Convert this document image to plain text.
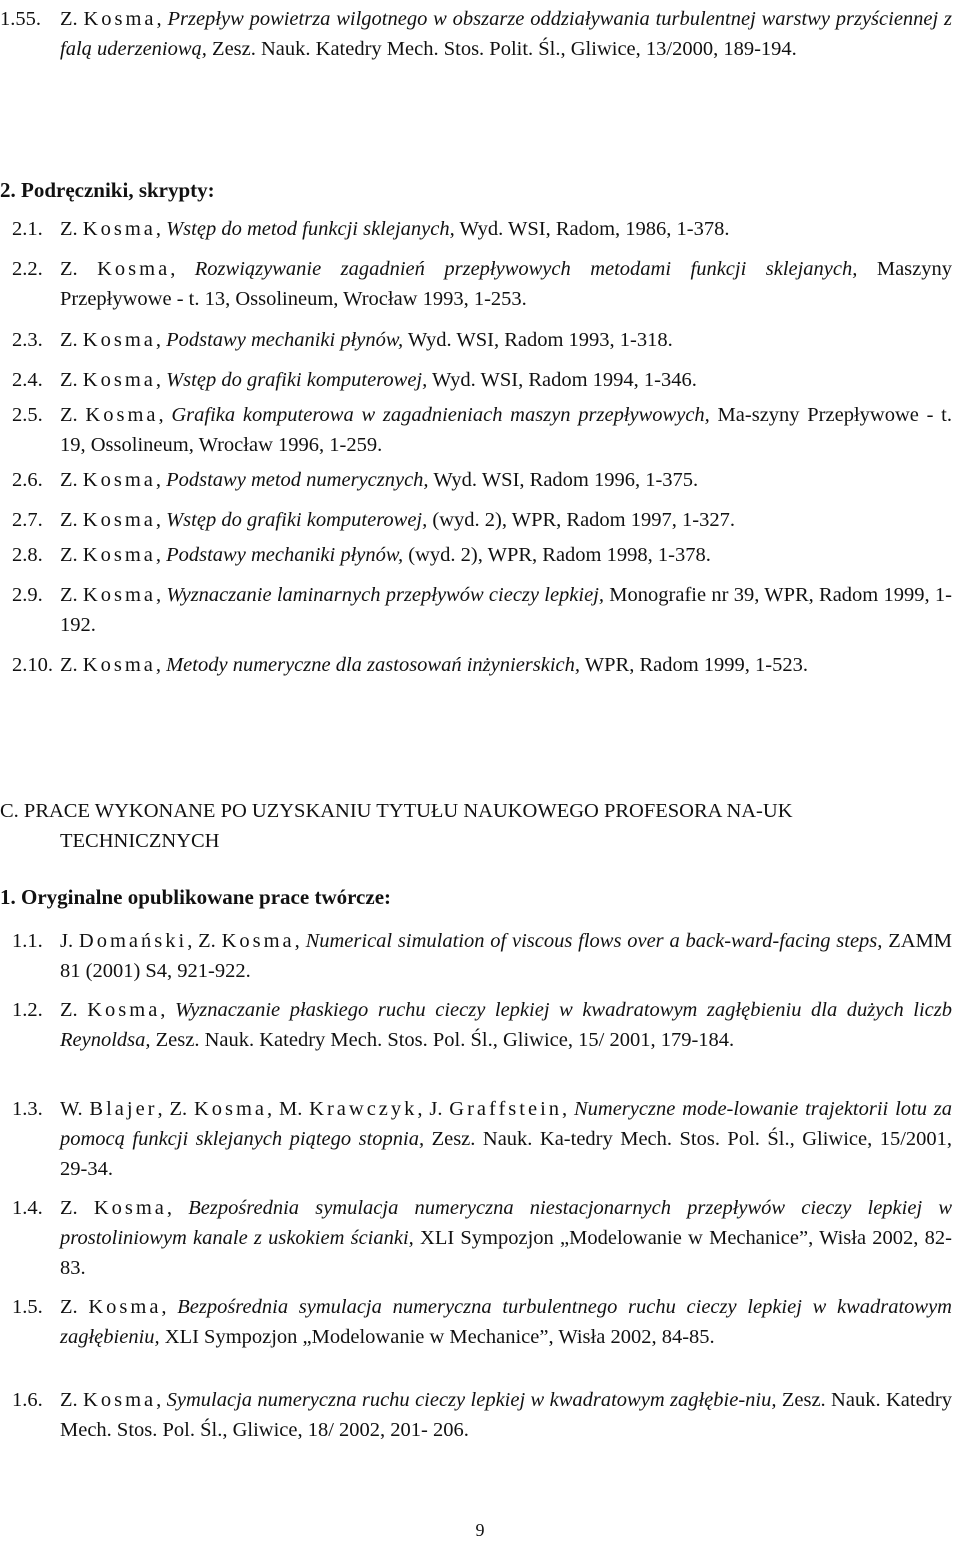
1.55. Z. Kosma, Przepływ powietrza wilgotnego w obszarze oddziaływania turbulentnej warstwy przyściennej z falą uderzeniową, Zesz. Nauk. Katedry Mech. Stos. Polit. Śl., Gliwice, 13/2000, 189-194.
2. Podręczniki, skrypty:
2.1. Z. Kosma, Wstęp do metod funkcji sklejanych, Wyd. WSI, Radom, 1986, 1-378.
2.2. Z. Kosma, Rozwiązywanie zagadnień przepływowych metodami funkcji sklejanych, Maszyny Przepływowe - t. 13, Ossolineum, Wrocław 1993, 1-253.
2.3. Z. Kosma, Podstawy mechaniki płynów, Wyd. WSI, Radom 1993, 1-318.
2.4. Z. Kosma, Wstęp do grafiki komputerowej, Wyd. WSI, Radom 1994, 1-346.
2.5. Z. Kosma, Grafika komputerowa w zagadnieniach maszyn przepływowych, Ma-szyny Przepływowe - t. 19, Ossolineum, Wrocław 1996, 1-259.
2.6. Z. Kosma, Podstawy metod numerycznych, Wyd. WSI, Radom 1996, 1-375.
2.7. Z. Kosma, Wstęp do grafiki komputerowej, (wyd. 2), WPR, Radom 1997, 1-327.
2.8. Z. Kosma, Podstawy mechaniki płynów, (wyd. 2), WPR, Radom 1998, 1-378.
2.9. Z. Kosma, Wyznaczanie laminarnych przepływów cieczy lepkiej, Monografie nr 39, WPR, Radom 1999, 1-192.
2.10. Z. Kosma, Metody numeryczne dla zastosowań inżynierskich, WPR, Radom 1999, 1-523.
C. PRACE WYKONANE PO UZYSKANIU TYTUŁU NAUKOWEGO PROFESORA NA-UK TECHNICZNYCH
1. Oryginalne opublikowane prace twórcze:
1.1. J. Domański, Z. Kosma, Numerical simulation of viscous flows over a back-ward-facing steps, ZAMM 81 (2001) S4, 921-922.
1.2. Z. Kosma, Wyznaczanie płaskiego ruchu cieczy lepkiej w kwadratowym zagłębieniu dla dużych liczb Reynoldsa, Zesz. Nauk. Katedry Mech. Stos. Pol. Śl., Gliwice, 15/ 2001, 179-184.
1.3. W. Blajer, Z. Kosma, M. Krawczyk, J. Graffstein, Numeryczne mode-lowanie trajektorii lotu za pomocą funkcji sklejanych piątego stopnia, Zesz. Nauk. Ka-tedry Mech. Stos. Pol. Śl., Gliwice, 15/2001, 29-34.
1.4. Z. Kosma, Bezpośrednia symulacja numeryczna niestacjonarnych przepływów cieczy lepkiej w prostoliniowym kanale z uskokiem ścianki, XLI Sympozjon „Modelowanie w Mechanice”, Wisła 2002, 82-83.
1.5. Z. Kosma, Bezpośrednia symulacja numeryczna turbulentnego ruchu cieczy lepkiej w kwadratowym zagłębieniu, XLI Sympozjon „Modelowanie w Mechanice”, Wisła 2002, 84-85.
1.6. Z. Kosma, Symulacja numeryczna ruchu cieczy lepkiej w kwadratowym zagłębie-niu, Zesz. Nauk. Katedry Mech. Stos. Pol. Śl., Gliwice, 18/ 2002, 201- 206.
9
